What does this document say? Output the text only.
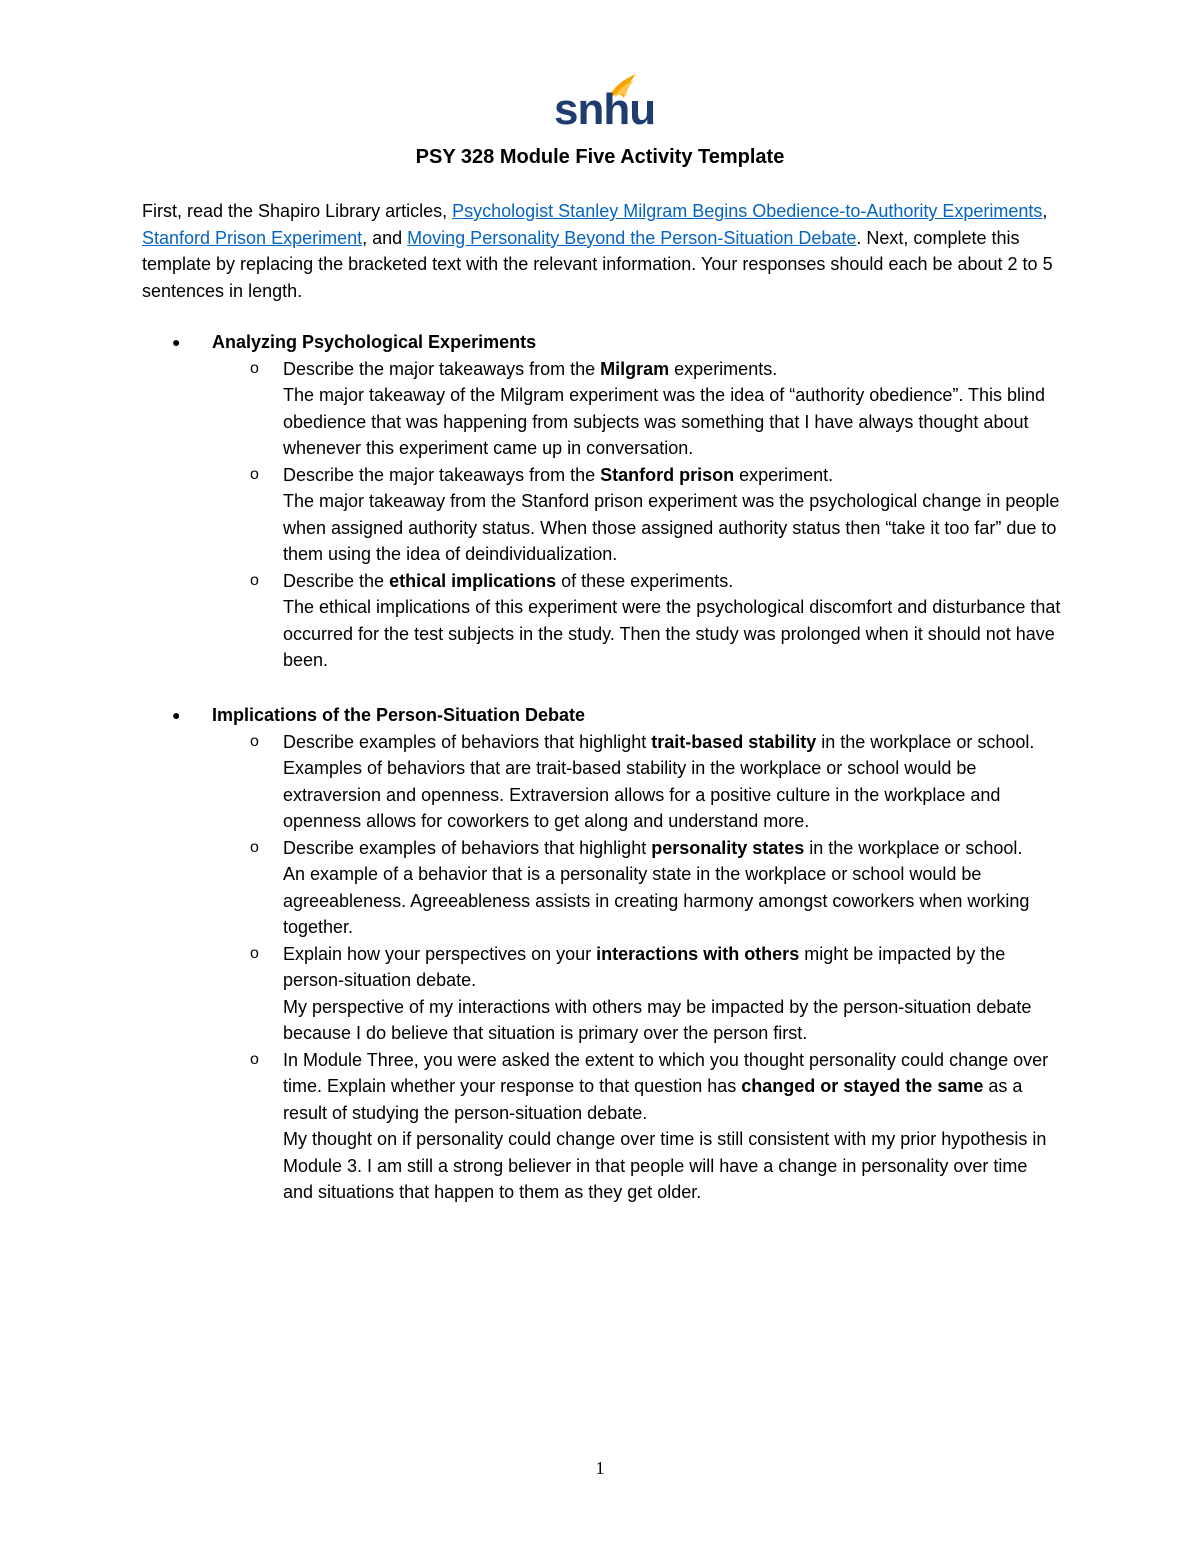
snhu
PSY 328 Module Five Activity Template
First, read the Shapiro Library articles, Psychologist Stanley Milgram Begins Obedience-to-Authority Experiments, Stanford Prison Experiment, and Moving Personality Beyond the Person-Situation Debate. Next, complete this template by replacing the bracketed text with the relevant information. Your responses should each be about 2 to 5 sentences in length.
● Analyzing Psychological Experiments
o Describe the major takeaways from the Milgram experiments.
The major takeaway of the Milgram experiment was the idea of “authority obedience”. This blind obedience that was happening from subjects was something that I have always thought about whenever this experiment came up in conversation.
o Describe the major takeaways from the Stanford prison experiment.
The major takeaway from the Stanford prison experiment was the psychological change in people when assigned authority status. When those assigned authority status then “take it too far” due to them using the idea of deindividualization.
o Describe the ethical implications of these experiments.
The ethical implications of this experiment were the psychological discomfort and disturbance that occurred for the test subjects in the study. Then the study was prolonged when it should not have been.
● Implications of the Person-Situation Debate
o Describe examples of behaviors that highlight trait-based stability in the workplace or school.
Examples of behaviors that are trait-based stability in the workplace or school would be extraversion and openness. Extraversion allows for a positive culture in the workplace and openness allows for coworkers to get along and understand more.
o Describe examples of behaviors that highlight personality states in the workplace or school.
An example of a behavior that is a personality state in the workplace or school would be agreeableness. Agreeableness assists in creating harmony amongst coworkers when working together.
o Explain how your perspectives on your interactions with others might be impacted by the person-situation debate.
My perspective of my interactions with others may be impacted by the person-situation debate because I do believe that situation is primary over the person first.
o In Module Three, you were asked the extent to which you thought personality could change over time. Explain whether your response to that question has changed or stayed the same as a result of studying the person-situation debate.
My thought on if personality could change over time is still consistent with my prior hypothesis in Module 3. I am still a strong believer in that people will have a change in personality over time and situations that happen to them as they get older.
1
